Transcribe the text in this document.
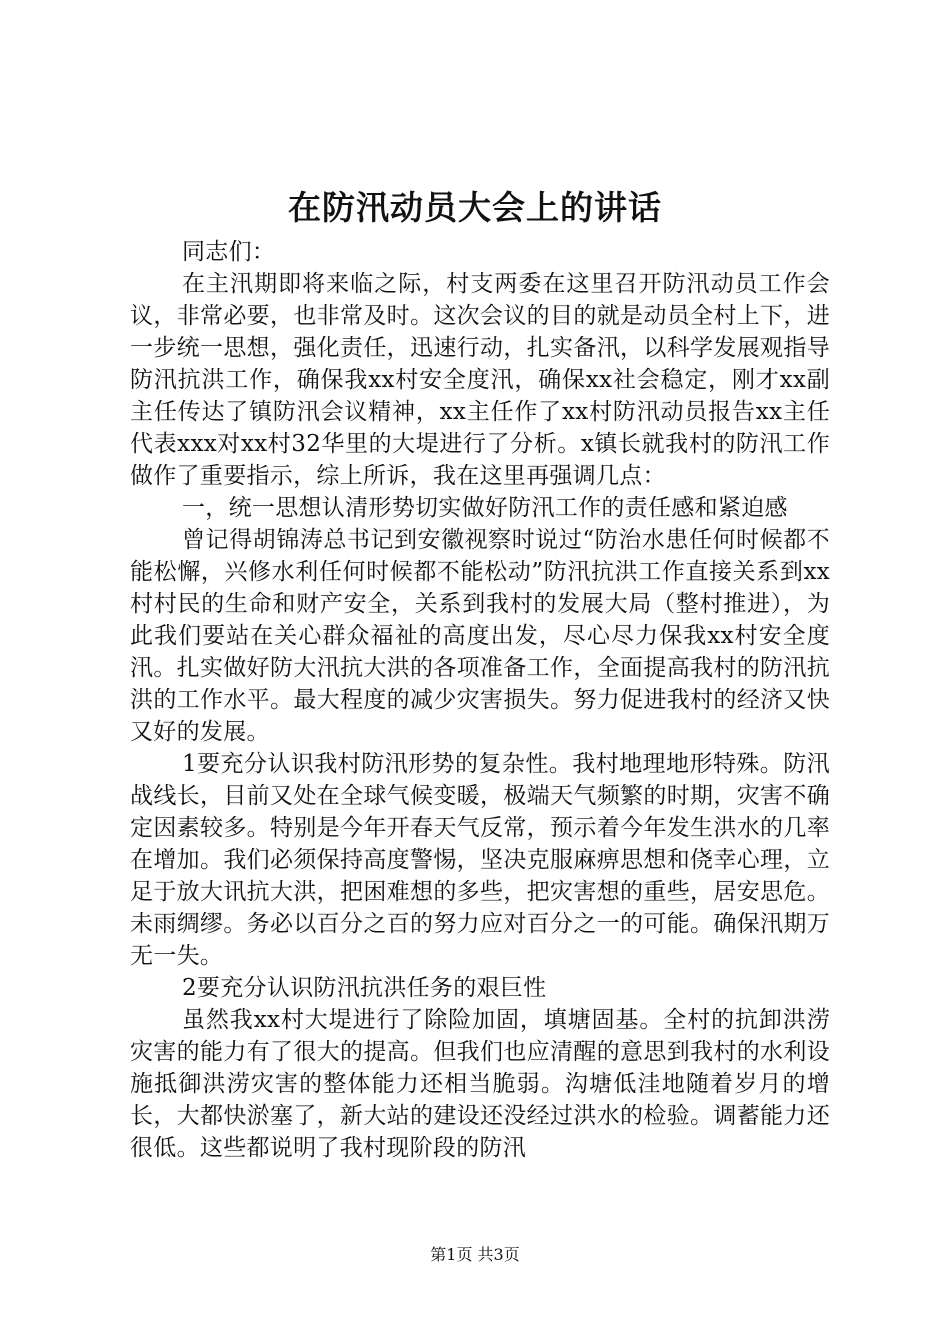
在防汛动员大会上的讲话

同志们：

在主汛期即将来临之际，村支两委在这里召开防汛动员工作会议，非常必要，也非常及时。这次会议的目的就是动员全村上下，进一步统一思想，强化责任，迅速行动，扎实备汛，以科学发展观指导防汛抗洪工作，确保我xx村安全度汛，确保xx社会稳定，刚才xx副主任传达了镇防汛会议精神，xx主任作了xx村防汛动员报告xx主任代表xxx对xx村32华里的大堤进行了分析。x镇长就我村的防汛工作做作了重要指示，综上所诉，我在这里再强调几点：

一，统一思想认清形势切实做好防汛工作的责任感和紧迫感

曾记得胡锦涛总书记到安徽视察时说过“防治水患任何时候都不能松懈，兴修水利任何时候都不能松动”防汛抗洪工作直接关系到xx村村民的生命和财产安全，关系到我村的发展大局（整村推进），为此我们要站在关心群众福祉的高度出发，尽心尽力保我xx村安全度汛。扎实做好防大汛抗大洪的各项准备工作，全面提高我村的防汛抗洪的工作水平。最大程度的减少灾害损失。努力促进我村的经济又快又好的发展。

1要充分认识我村防汛形势的复杂性。我村地理地形特殊。防汛战线长，目前又处在全球气候变暖，极端天气频繁的时期，灾害不确定因素较多。特别是今年开春天气反常，预示着今年发生洪水的几率在增加。我们必须保持高度警惕，坚决克服麻痹思想和侥幸心理，立足于放大讯抗大洪，把困难想的多些，把灾害想的重些，居安思危。未雨绸缪。务必以百分之百的努力应对百分之一的可能。确保汛期万无一失。

2要充分认识防汛抗洪任务的艰巨性

虽然我xx村大堤进行了除险加固，填塘固基。全村的抗卸洪涝灾害的能力有了很大的提高。但我们也应清醒的意思到我村的水利设施抵御洪涝灾害的整体能力还相当脆弱。沟塘低洼地随着岁月的增长，大都快淤塞了，新大站的建设还没经过洪水的检验。调蓄能力还很低。这些都说明了我村现阶段的防汛

第1页 共3页
